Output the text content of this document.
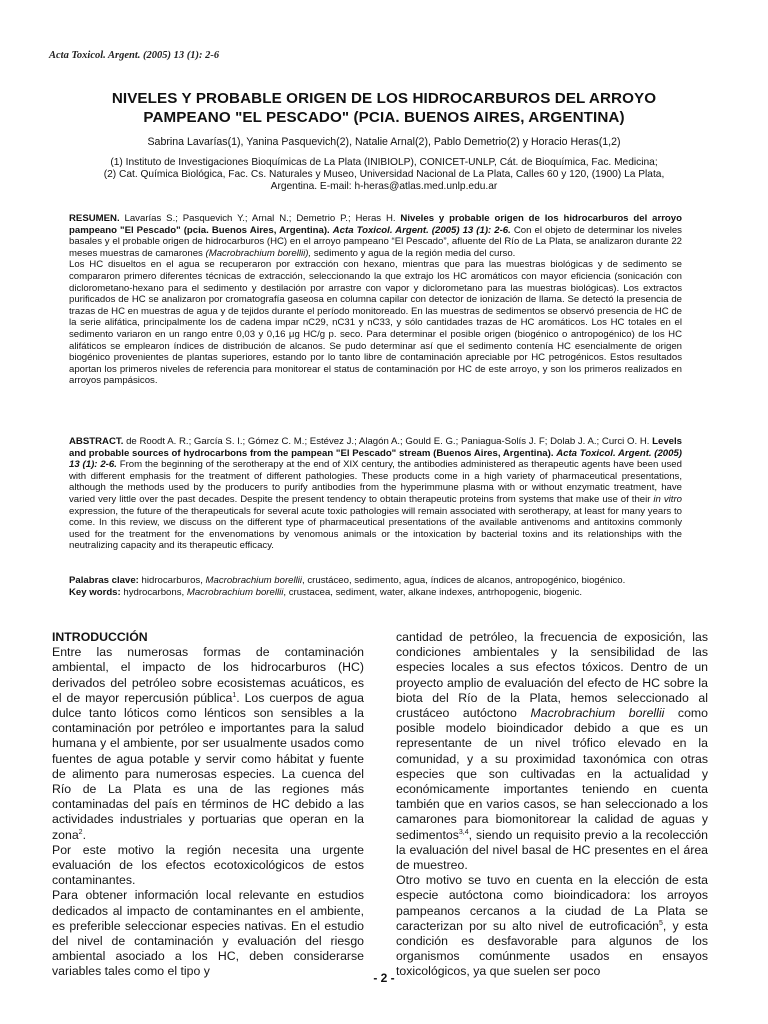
Acta Toxicol. Argent. (2005) 13 (1): 2-6
NIVELES Y PROBABLE ORIGEN DE LOS HIDROCARBUROS DEL ARROYO
PAMPEANO "EL PESCADO" (PCIA. BUENOS AIRES, ARGENTINA)
Sabrina Lavarías(1), Yanina Pasquevich(2), Natalie Arnal(2), Pablo Demetrio(2) y Horacio Heras(1,2)
(1) Instituto de Investigaciones Bioquímicas de La Plata (INIBIOLP), CONICET-UNLP, Cát. de Bioquímica, Fac. Medicina;
(2) Cat. Química Biológica, Fac. Cs. Naturales y Museo, Universidad Nacional de La Plata, Calles 60 y 120, (1900) La Plata,
Argentina. E-mail: h-heras@atlas.med.unlp.edu.ar

RESUMEN. Lavarías S.; Pasquevich Y.; Arnal N.; Demetrio P.; Heras H. Niveles y probable origen de los hidrocarburos del arroyo pampeano "El Pescado" (pcia. Buenos Aires, Argentina). Acta Toxicol. Argent. (2005) 13 (1): 2-6. Con el objeto de determinar los niveles basales y el probable origen de hidrocarburos (HC) en el arroyo pampeano “El Pescado”, afluente del Río de La Plata, se analizaron durante 22 meses muestras de camarones (Macrobrachium borellii), sedimento y agua de la región media del curso.

Los HC disueltos en el agua se recuperaron por extracción con hexano, mientras que para las muestras biológicas y de sedimento se compararon primero diferentes técnicas de extracción, seleccionando la que extrajo los HC aromáticos con mayor eficiencia (sonicación con diclorometano-hexano para el sedimento y destilación por arrastre con vapor y diclorometano para las muestras biológicas). Los extractos purificados de HC se analizaron por cromatografía gaseosa en columna capilar con detector de ionización de llama. Se detectó la presencia de trazas de HC en muestras de agua y de tejidos durante el período monitoreado. En las muestras de sedimentos se observó presencia de HC de la serie alifática, principalmente los de cadena impar nC29, nC31 y nC33, y sólo cantidades trazas de HC aromáticos. Los HC totales en el sedimento variaron en un rango entre 0,03 y 0,16 μg HC/g p. seco. Para determinar el posible origen (biogénico o antropogénico) de los HC alifáticos se emplearon índices de distribución de alcanos. Se pudo determinar así que el sedimento contenía HC esencialmente de origen biogénico provenientes de plantas superiores, estando por lo tanto libre de contaminación apreciable por HC petrogénicos. Estos resultados aportan los primeros niveles de referencia para monitorear el status de contaminación por HC de este arroyo, y son los primeros realizados en arroyos pampásicos.

ABSTRACT. de Roodt A. R.; García S. I.; Gómez C. M.; Estévez J.; Alagón A.; Gould E. G.; Paniagua-Solís J. F; Dolab J. A.; Curci O. H. Levels and probable sources of hydrocarbons from the pampean "El Pescado" stream (Buenos Aires, Argentina). Acta Toxicol. Argent. (2005) 13 (1): 2-6. From the beginning of the serotherapy at the end of XIX century, the antibodies administered as therapeutic agents have been used with different emphasis for the treatment of different pathologies. These products come in a high variety of pharmaceutical presentations, although the methods used by the producers to purify antibodies from the hyperimmune plasma with or without enzymatic treatment, have varied very little over the past decades. Despite the present tendency to obtain therapeutic proteins from systems that make use of their in vitro expression, the future of the therapeuticals for several acute toxic pathologies will remain associated with serotherapy, at least for many years to come. In this review, we discuss on the different type of pharmaceutical presentations of the available antivenoms and antitoxins commonly used for the treatment for the envenomations by venomous animals or the intoxication by bacterial toxins and its relationships with the neutralizing capacity and its therapeutic efficacy.

Palabras clave: hidrocarburos, Macrobrachium borellii, crustáceo, sedimento, agua, índices de alcanos, antropogénico, biogénico.
Key words: hydrocarbons, Macrobrachium borellii, crustacea, sediment, water, alkane indexes, antrhopogenic, biogenic.
INTRODUCCIÓN

Entre las numerosas formas de contaminación ambiental, el impacto de los hidrocarburos (HC) derivados del petróleo sobre ecosistemas acuáticos, es el de mayor repercusión pública$^1$. Los cuerpos de agua dulce tanto lóticos como lénticos son sensibles a la contaminación por petróleo e importantes para la salud humana y el ambiente, por ser usualmente usados como fuentes de agua potable y servir como hábitat y fuente de alimento para numerosas especies. La cuenca del Río de La Plata es una de las regiones más contaminadas del país en términos de HC debido a las actividades industriales y portuarias que operan en la zona$^2$.

Por este motivo la región necesita una urgente evaluación de los efectos ecotoxicológicos de estos contaminantes.

Para obtener información local relevante en estudios dedicados al impacto de contaminantes en el ambiente, es preferible seleccionar especies nativas. En el estudio del nivel de contaminación y evaluación del riesgo ambiental asociado a los HC, deben considerarse variables tales como el tipo y

cantidad de petróleo, la frecuencia de exposición, las condiciones ambientales y la sensibilidad de las especies locales a sus efectos tóxicos. Dentro de un proyecto amplio de evaluación del efecto de HC sobre la biota del Río de la Plata, hemos seleccionado al crustáceo autóctono Macrobrachium borellii como posible modelo bioindicador debido a que es un representante de un nivel trófico elevado en la comunidad, y a su proximidad taxonómica con otras especies que son cultivadas en la actualidad y económicamente importantes teniendo en cuenta también que en varios casos, se han seleccionado a los camarones para biomonitorear la calidad de aguas y sedimentos$^{3,4}$, siendo un requisito previo a la recolección la evaluación del nivel basal de HC presentes en el área de muestreo.

Otro motivo se tuvo en cuenta en la elección de esta especie autóctona como bioindicadora: los arroyos pampeanos cercanos a la ciudad de La Plata se caracterizan por su alto nivel de eutroficación$^5$, y esta condición es desfavorable para algunos de los organismos comúnmente usados en ensayos toxicológicos, ya que suelen ser poco

- 2 -
